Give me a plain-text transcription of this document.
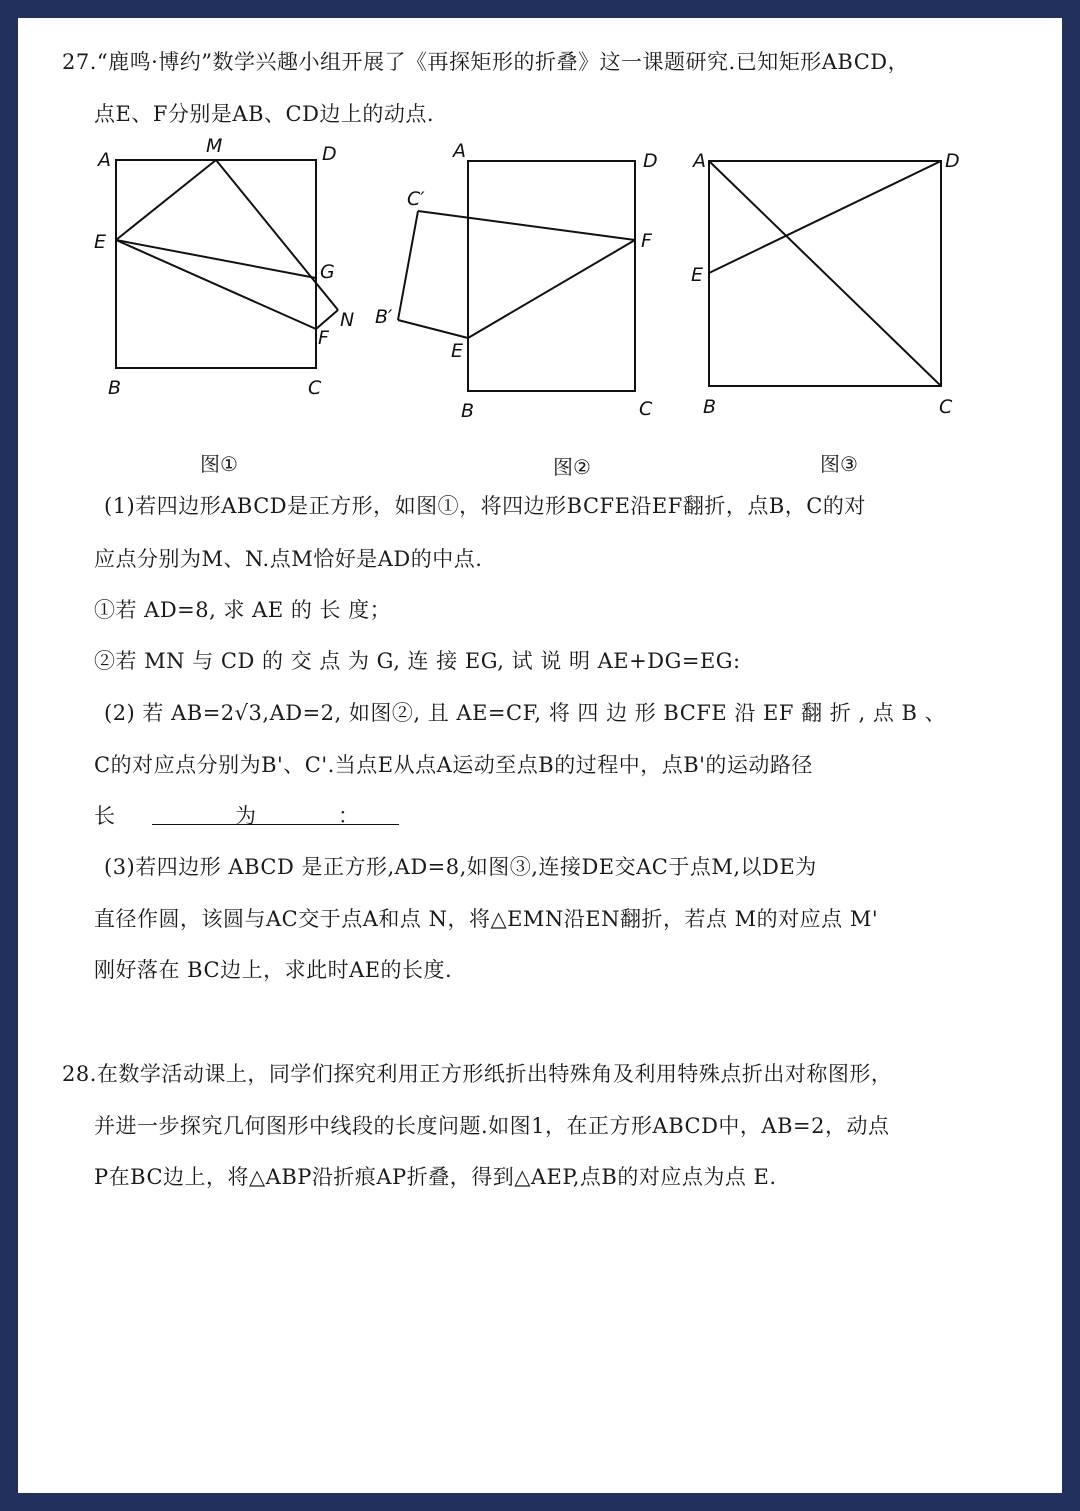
27.“鹿鸣·博约”数学兴趣小组开展了《再探矩形的折叠》这一课题研究.已知矩形ABCD，
点E、F分别是AB、CD边上的动点.
A
M	D
E
G
N
F
B	C
图①
A	D
C′
F
B′
E
B	C
图②
A	D
E
B	C
图③
(1)若四边形ABCD是正方形，如图①，将四边形BCFE沿EF翻折，点B，C的对
应点分别为M、N.点M恰好是AD的中点.
①若 AD=8, 求 AE 的 长 度；
②若 MN 与 CD 的 交 点 为 G, 连 接 EG, 试 说 明 AE+DG=EG:
(2) 若 AB=2√3,AD=2, 如图②, 且 AE=CF, 将 四 边 形 BCFE 沿 EF 翻 折 , 点 B 、
C的对应点分别为B'、C'.当点E从点A运动至点B的过程中，点B'的运动路径
长	为	：
(3)若四边形 ABCD 是正方形,AD=8,如图③,连接DE交AC于点M,以DE为
直径作圆，该圆与AC交于点A和点 N，将△EMN沿EN翻折，若点 M的对应点 M'
刚好落在 BC边上，求此时AE的长度.
28.在数学活动课上，同学们探究利用正方形纸折出特殊角及利用特殊点折出对称图形，
并进一步探究几何图形中线段的长度问题.如图1，在正方形ABCD中，AB=2，动点
P在BC边上，将△ABP沿折痕AP折叠，得到△AEP,点B的对应点为点 E.
